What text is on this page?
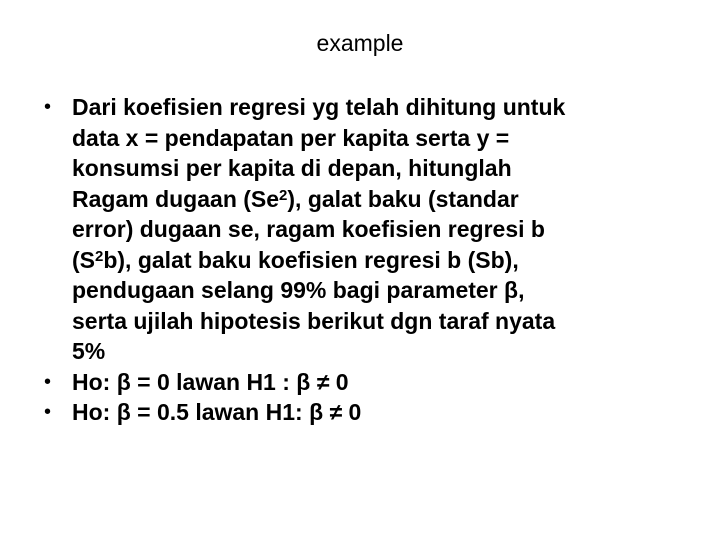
example
• Dari koefisien regresi yg telah dihitung untuk
data x = pendapatan per kapita serta y =
konsumsi per kapita di depan, hitunglah
Ragam dugaan (Se$^2$), galat baku (standar
error) dugaan se, ragam koefisien regresi b
$(S^2b)$, galat baku koefisien regresi b (Sb),
pendugaan selang 99% bagi parameter β,
serta ujilah hipotesis berikut dgn taraf nyata
5%
• Ho: β = 0 lawan H1 : β ≠ 0
• Ho: β = 0.5 lawan H1: β ≠ 0
